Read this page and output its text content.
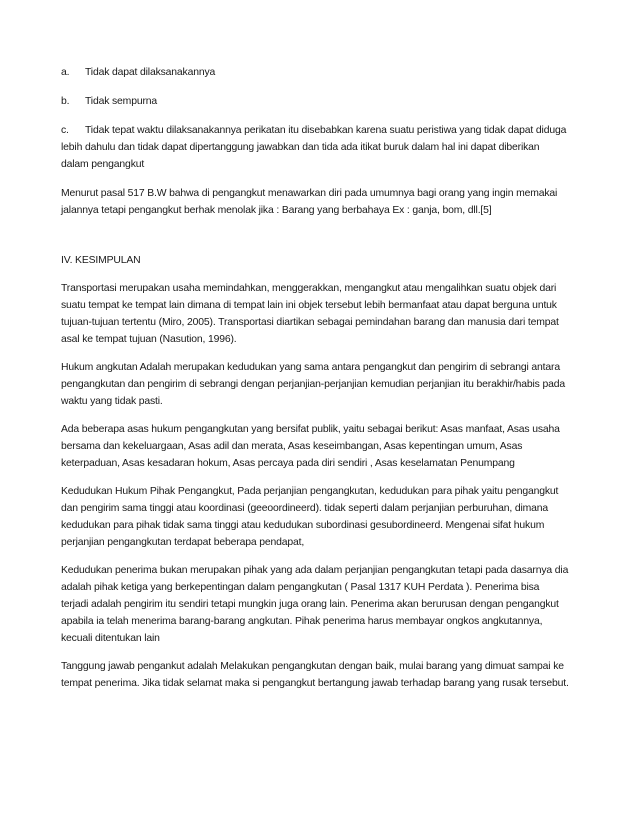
a.	Tidak dapat dilaksanakannya
b.	Tidak sempurna
c. Tidak tepat waktu dilaksanakannya perikatan itu disebabkan karena suatu peristiwa yang tidak dapat diduga lebih dahulu dan tidak dapat dipertanggung jawabkan dan tida ada itikat buruk dalam hal ini dapat diberikan dalam pengangkut

Menurut pasal 517 B.W bahwa di pengangkut menawarkan diri pada umumnya bagi orang yang ingin memakai jalannya tetapi pengangkut berhak menolak jika : Barang yang berbahaya Ex : ganja, bom, dll.[5]

IV. KESIMPULAN

Transportasi merupakan usaha memindahkan, menggerakkan, mengangkut atau mengalihkan suatu objek dari suatu tempat ke tempat lain dimana di tempat lain ini objek tersebut lebih bermanfaat atau dapat berguna untuk tujuan-tujuan tertentu (Miro, 2005). Transportasi diartikan sebagai pemindahan barang dan manusia dari tempat asal ke tempat tujuan (Nasution, 1996).

Hukum angkutan Adalah merupakan kedudukan yang sama antara pengangkut dan pengirim di sebrangi antara pengangkutan dan pengirim di sebrangi dengan perjanjian-perjanjian kemudian perjanjian itu berakhir/habis pada waktu yang tidak pasti.

Ada beberapa asas hukum pengangkutan yang bersifat publik, yaitu sebagai berikut: Asas manfaat, Asas usaha bersama dan kekeluargaan, Asas adil dan merata, Asas keseimbangan, Asas kepentingan umum, Asas keterpaduan, Asas kesadaran hokum, Asas percaya pada diri sendiri , Asas keselamatan Penumpang

Kedudukan Hukum Pihak Pengangkut, Pada perjanjian pengangkutan, kedudukan para pihak yaitu pengangkut dan pengirim sama tinggi atau koordinasi (geeoordineerd). tidak seperti dalam perjanjian perburuhan, dimana kedudukan para pihak tidak sama tinggi atau kedudukan subordinasi gesubordineerd. Mengenai sifat hukum perjanjian pengangkutan terdapat beberapa pendapat,

Kedudukan penerima bukan merupakan pihak yang ada dalam perjanjian pengangkutan tetapi pada dasarnya dia adalah pihak ketiga yang berkepentingan dalam pengangkutan ( Pasal 1317 KUH Perdata ). Penerima bisa terjadi adalah pengirim itu sendiri tetapi mungkin juga orang lain. Penerima akan berurusan dengan pengangkut apabila ia telah menerima barang-barang angkutan. Pihak penerima harus membayar ongkos angkutannya, kecuali ditentukan lain

Tanggung jawab pengankut adalah Melakukan pengangkutan dengan baik, mulai barang yang dimuat sampai ke tempat penerima. Jika tidak selamat maka si pengangkut bertangung jawab terhadap barang yang rusak tersebut.
